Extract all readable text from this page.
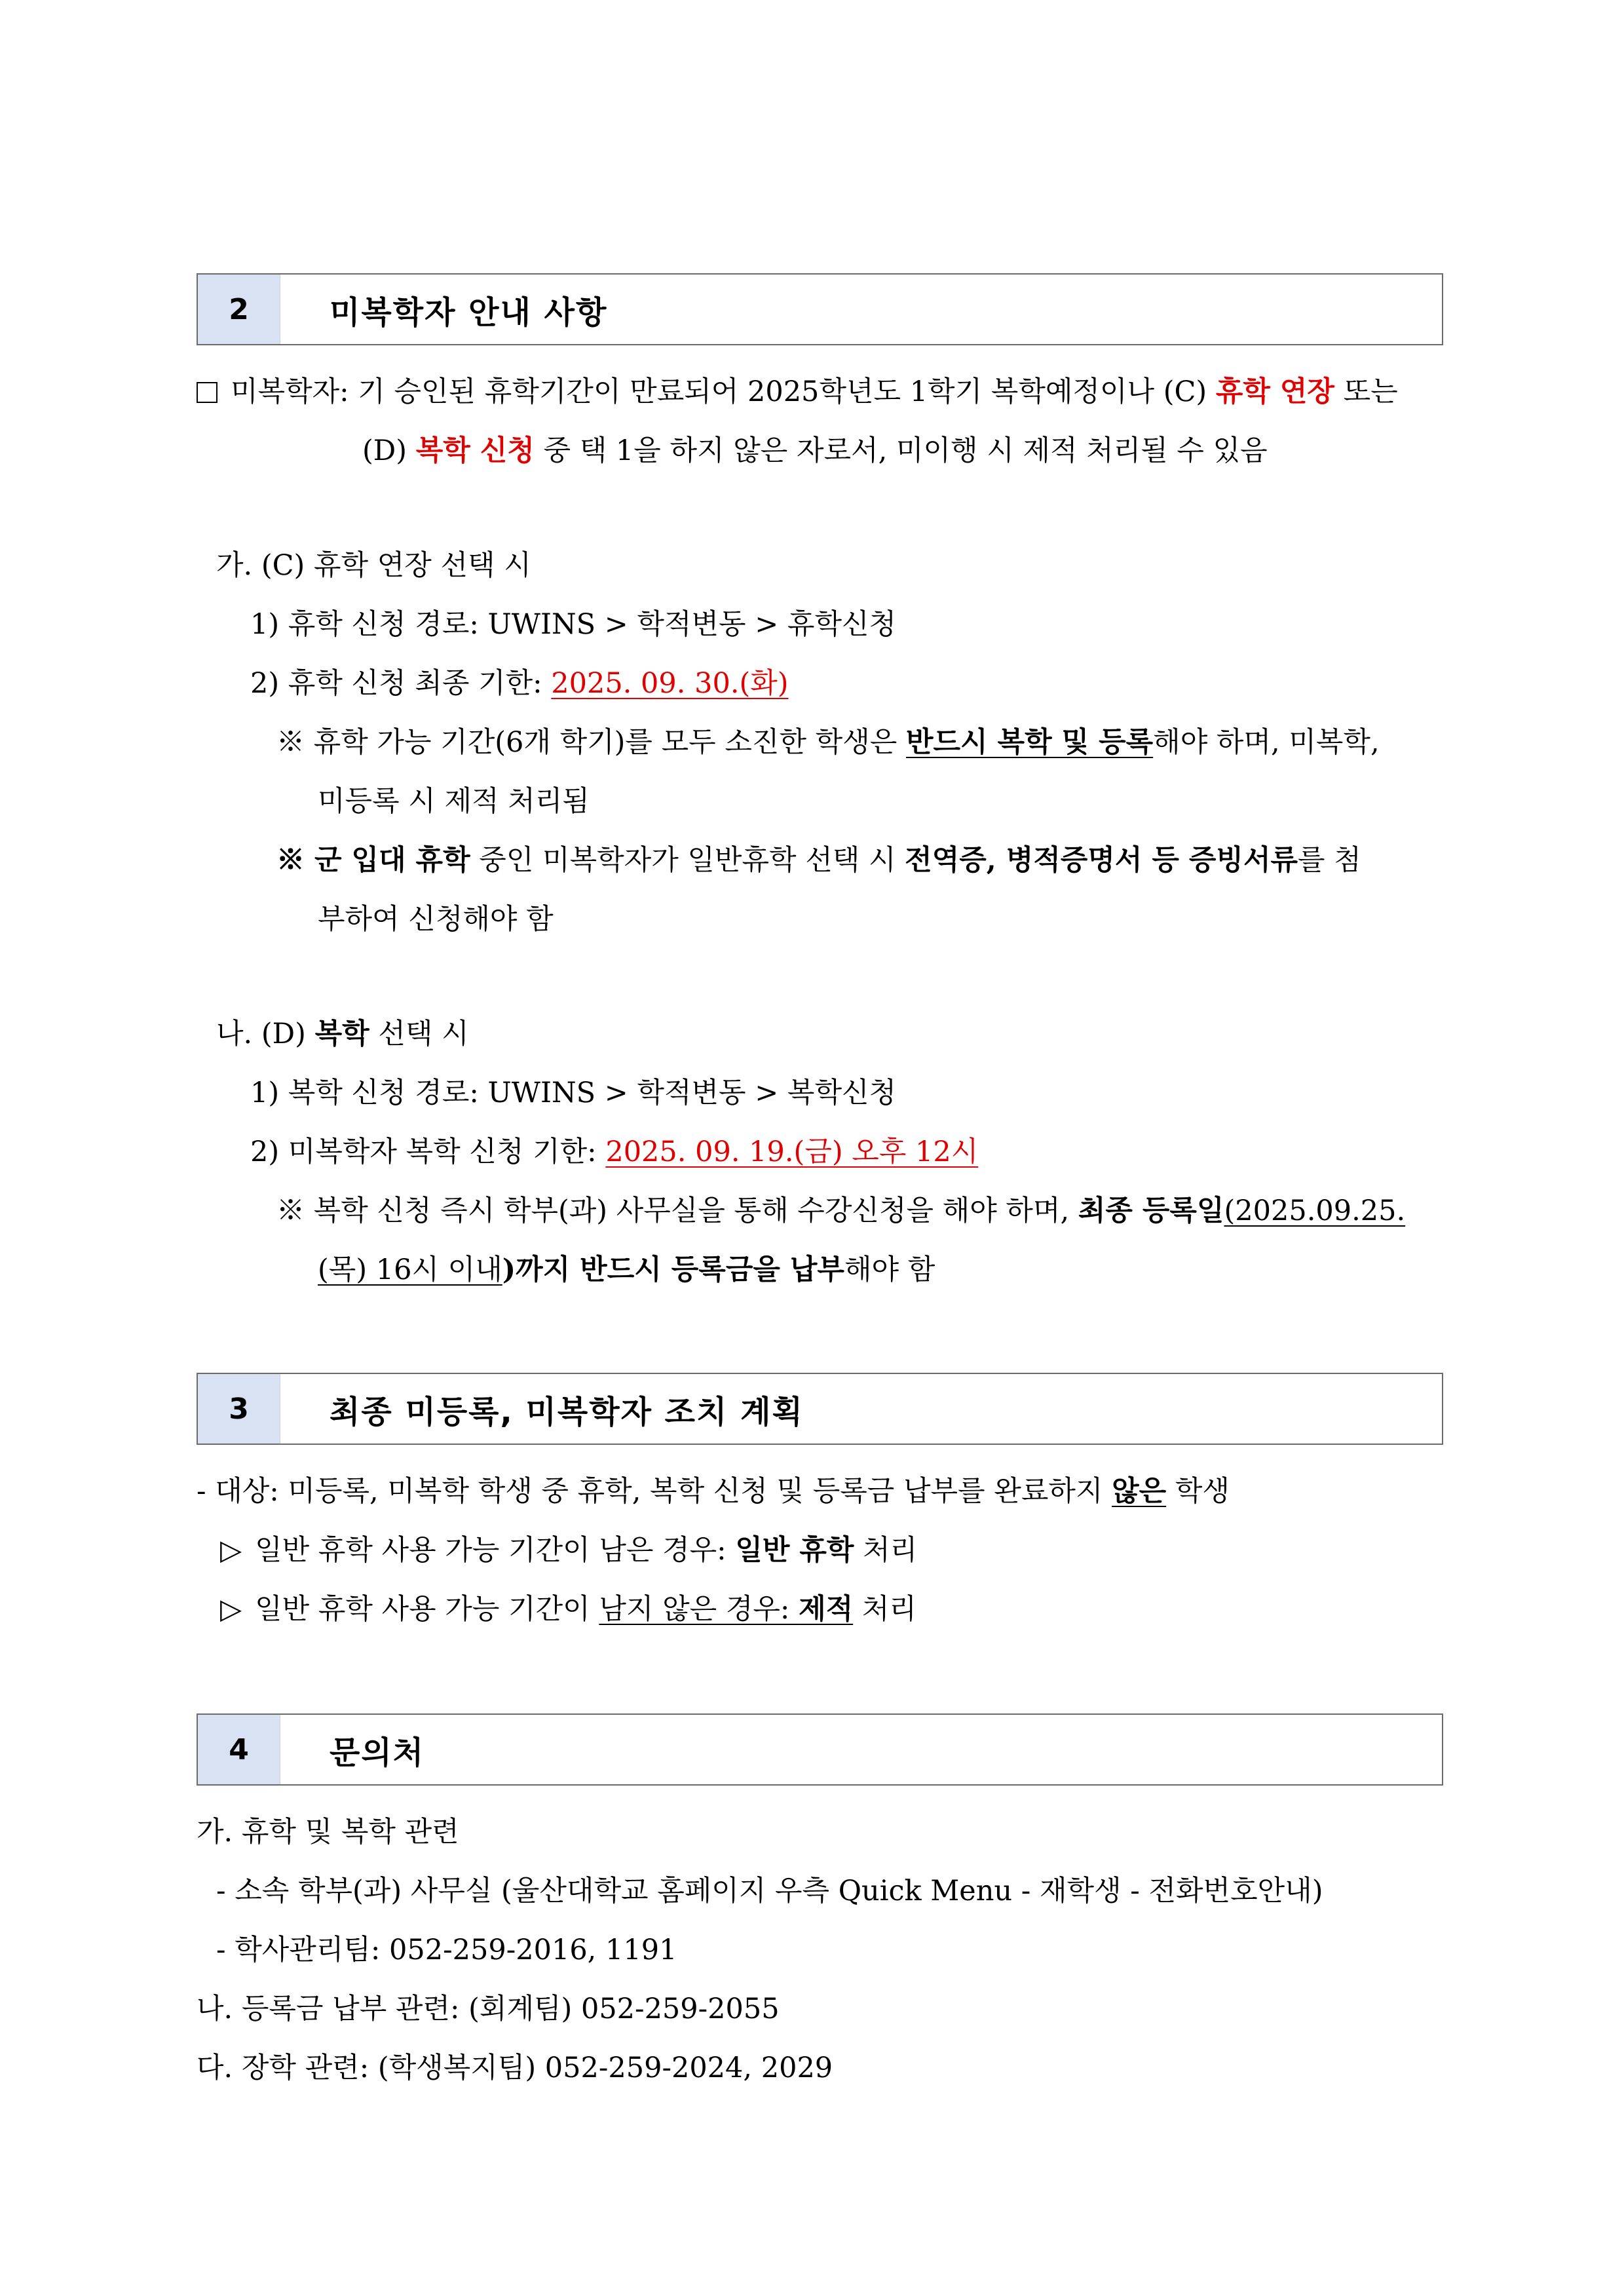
2	미복학자 안내 사항
미복학자: 기 승인된 휴학기간이 만료되어 2025학년도 1학기 복학예정이나 (C) 휴학 연장 또는
(D) 복학 신청 중 택 1을 하지 않은 자로서, 미이행 시 제적 처리될 수 있음
가. (C) 휴학 연장 선택 시
1) 휴학 신청 경로: UWINS > 학적변동 > 휴학신청
2) 휴학 신청 최종 기한: 2025. 09. 30.(화)
※ 휴학 가능 기간(6개 학기)를 모두 소진한 학생은 반드시 복학 및 등록해야 하며, 미복학,
미등록 시 제적 처리됨
※ 군 입대 휴학 중인 미복학자가 일반휴학 선택 시 전역증, 병적증명서 등 증빙서류를 첨
부하여 신청해야 함
나. (D) 복학 선택 시
1) 복학 신청 경로: UWINS > 학적변동 > 복학신청
2) 미복학자 복학 신청 기한: 2025. 09. 19.(금) 오후 12시
※ 복학 신청 즉시 학부(과) 사무실을 통해 수강신청을 해야 하며, 최종 등록일(2025.09.25.
(목) 16시 이내)까지 반드시 등록금을 납부해야 함
3	최종 미등록, 미복학자 조치 계획
- 대상: 미등록, 미복학 학생 중 휴학, 복학 신청 및 등록금 납부를 완료하지 않은 학생
▷ 일반 휴학 사용 가능 기간이 남은 경우: 일반 휴학 처리
▷ 일반 휴학 사용 가능 기간이 남지 않은 경우: 제적 처리
4	문의처
가. 휴학 및 복학 관련
- 소속 학부(과) 사무실 (울산대학교 홈페이지 우측 Quick Menu - 재학생 - 전화번호안내)
- 학사관리팀: 052-259-2016, 1191
나. 등록금 납부 관련: (회계팀) 052-259-2055
다. 장학 관련: (학생복지팀) 052-259-2024, 2029
